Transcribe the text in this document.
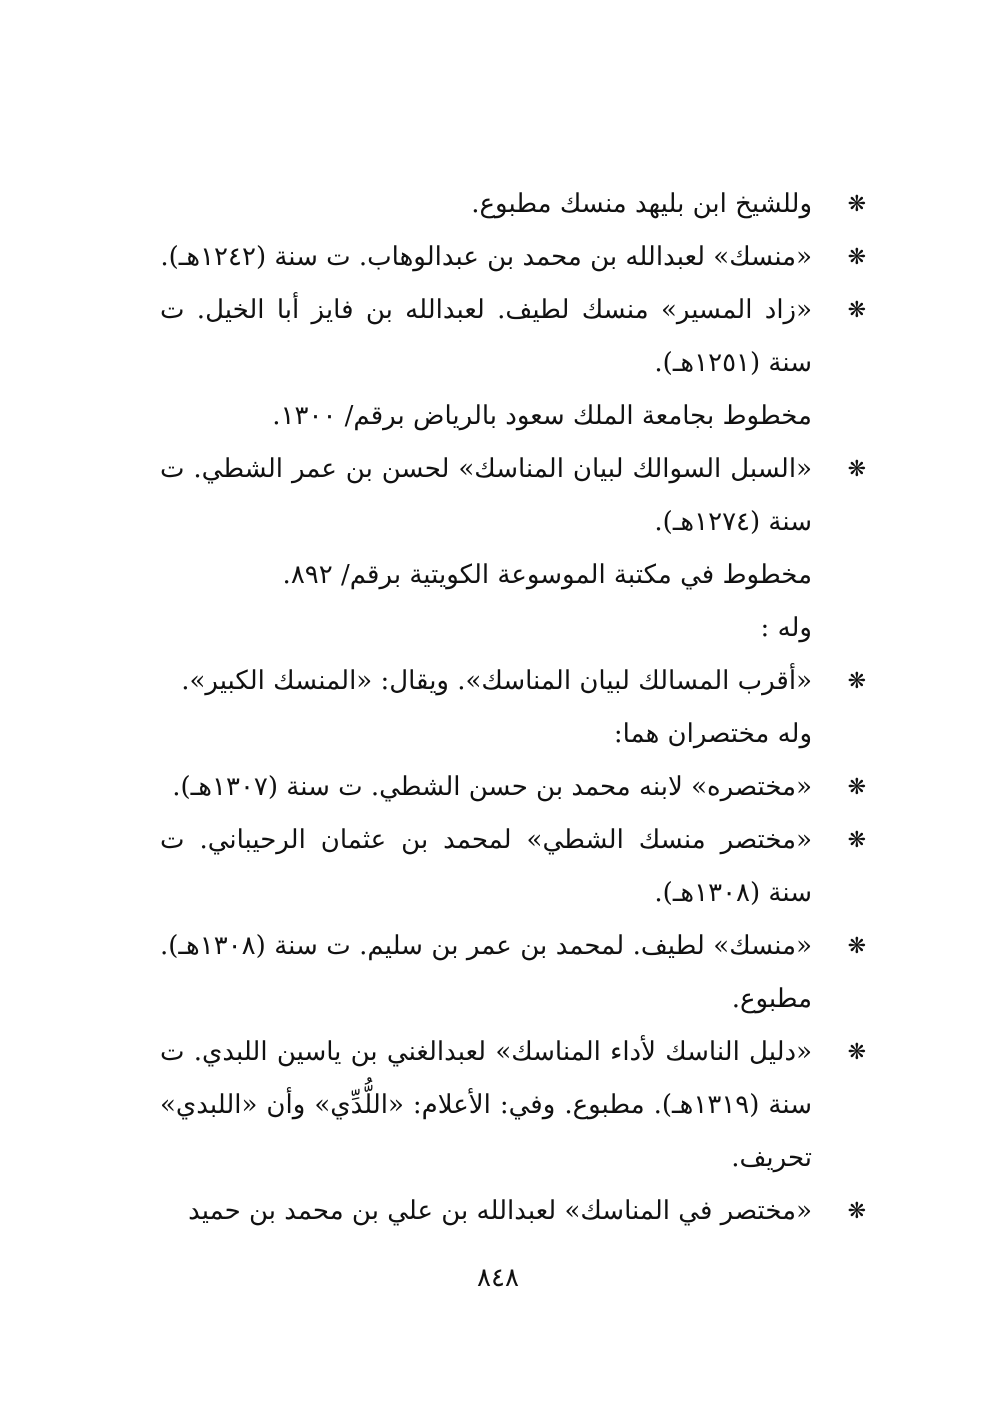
❋
وللشيخ ابن بليهد منسك مطبوع.

❋
«منسك» لعبدالله بن محمد بن عبدالوهاب. ت سنة (١٢٤٢هـ).

❋
«زاد المسير» منسك لطيف. لعبدالله بن فايز أبا الخيل. ت سنة (١٢٥١هـ).

مخطوط بجامعة الملك سعود بالرياض برقم/ ١٣٠٠.

❋
«السبل السوالك لبيان المناسك» لحسن بن عمر الشطي. ت سنة (١٢٧٤هـ).

مخطوط في مكتبة الموسوعة الكويتية برقم/ ٨٩٢.

وله :

❋
«أقرب المسالك لبيان المناسك». ويقال: «المنسك الكبير».

وله مختصران هما:

❋
«مختصره» لابنه محمد بن حسن الشطي. ت سنة (١٣٠٧هـ).

❋
«مختصر منسك الشطي» لمحمد بن عثمان الرحيباني. ت سنة (١٣٠٨هـ).

❋
«منسك» لطيف. لمحمد بن عمر بن سليم. ت سنة (١٣٠٨هـ). مطبوع.

❋
«دليل الناسك لأداء المناسك» لعبدالغني بن ياسين اللبدي. ت سنة (١٣١٩هـ). مطبوع. وفي: الأعلام: «اللُّدِّي» وأن «اللبدي» تحريف.

❋
«مختصر في المناسك» لعبدالله بن علي بن محمد بن حميد

٨٤٨
